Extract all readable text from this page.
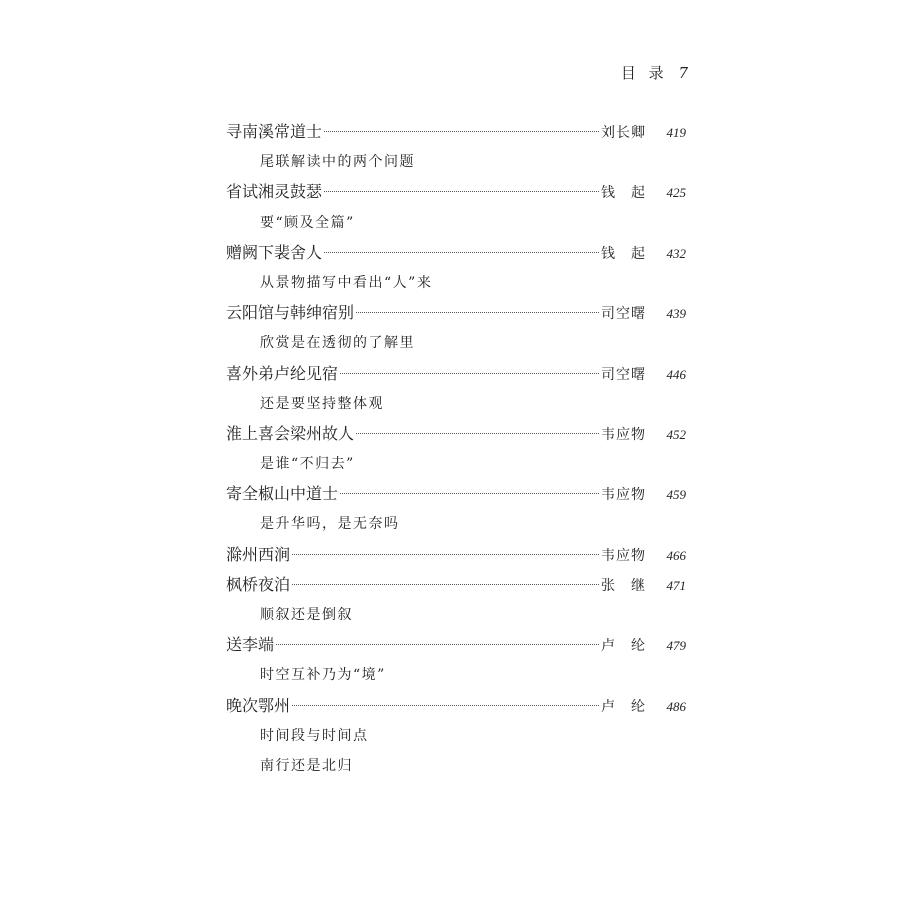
目 录 7
寻南溪常道士	刘长卿	419
尾联解读中的两个问题
省试湘灵鼓瑟	钱　起	425
要“顾及全篇”
赠阙下裴舍人	钱　起	432
从景物描写中看出“人”来
云阳馆与韩绅宿别	司空曙	439
欣赏是在透彻的了解里
喜外弟卢纶见宿	司空曙	446
还是要坚持整体观
淮上喜会梁州故人	韦应物	452
是谁“不归去”
寄全椒山中道士	韦应物	459
是升华吗，是无奈吗
滁州西涧	韦应物	466
枫桥夜泊	张　继	471
顺叙还是倒叙
送李端	卢　纶	479
时空互补乃为“境”
晚次鄂州	卢　纶	486
时间段与时间点
南行还是北归
